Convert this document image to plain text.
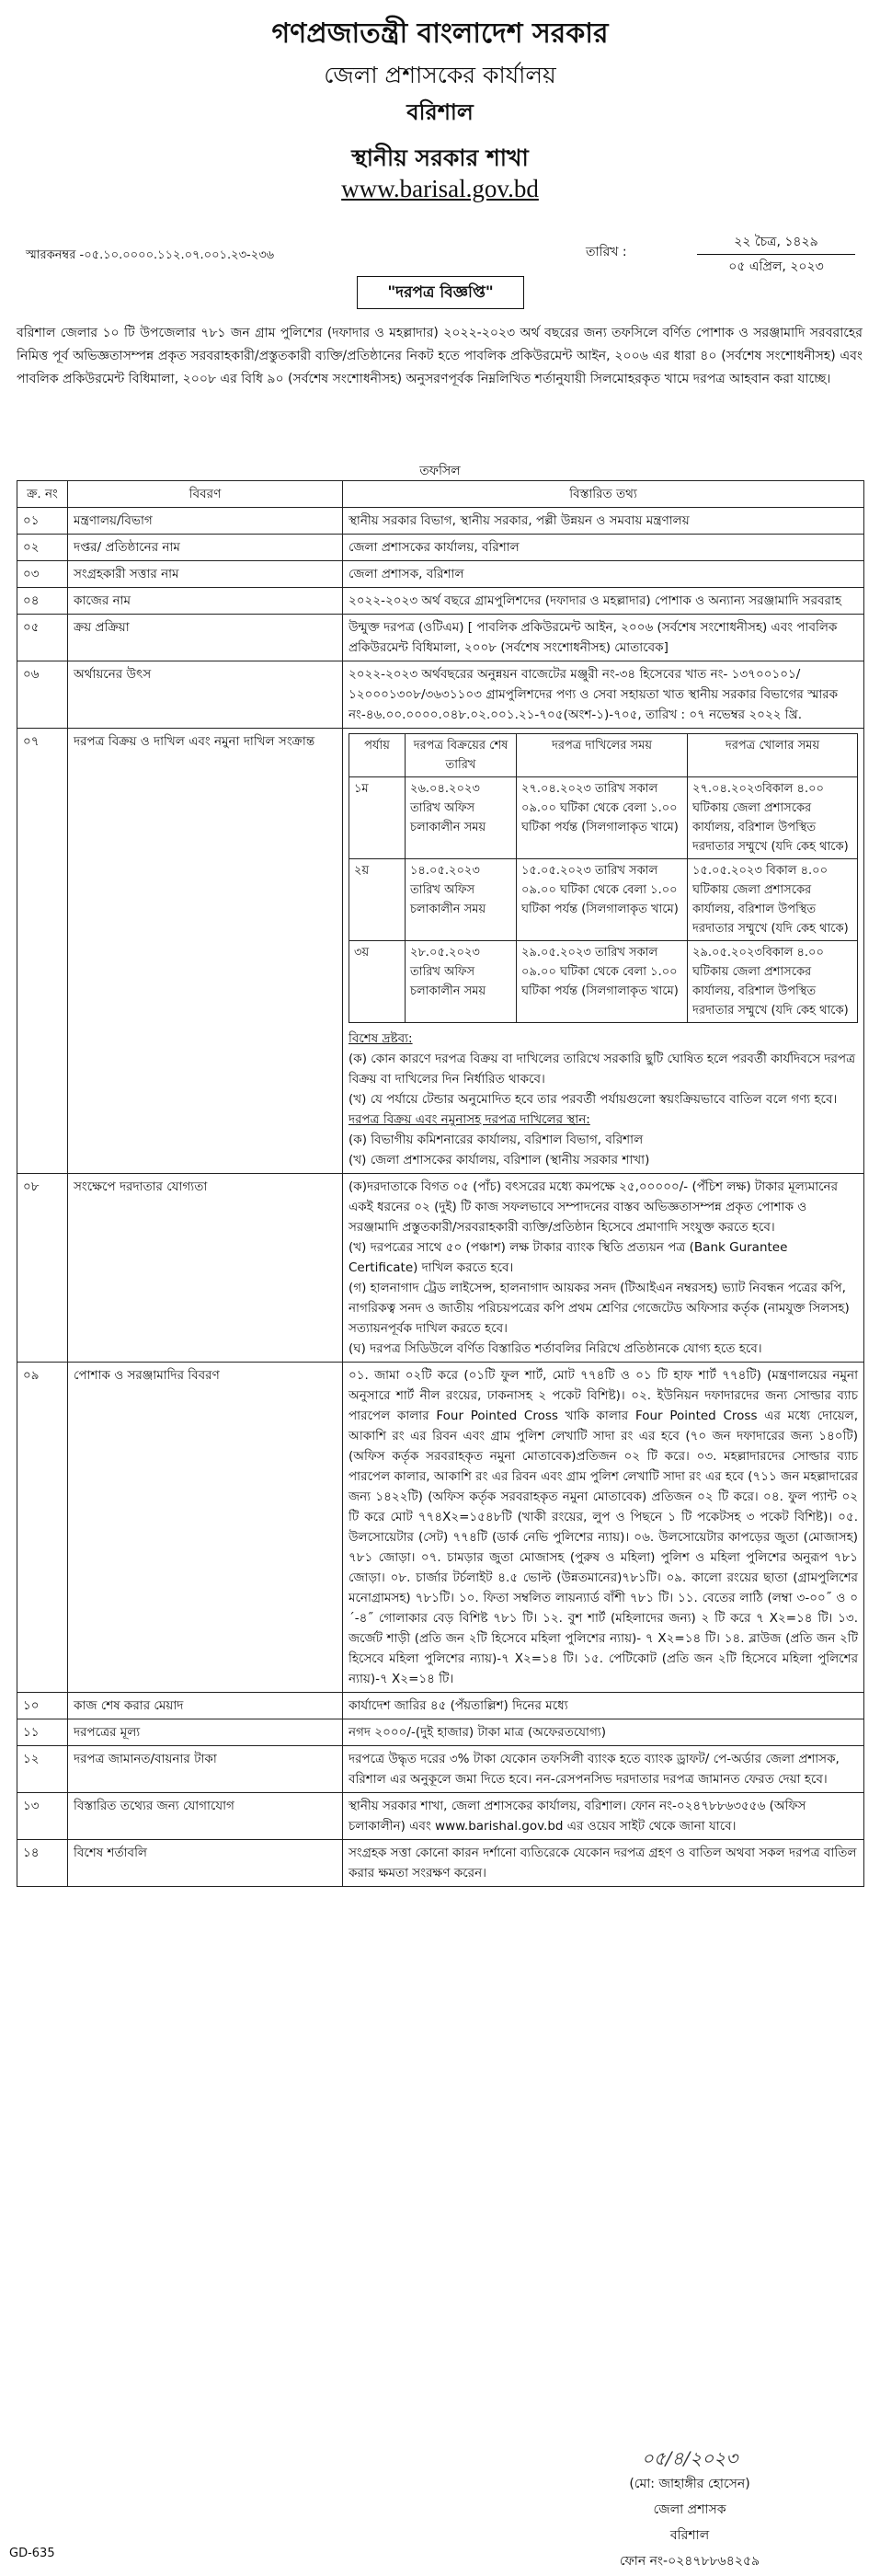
গণপ্রজাতন্ত্রী বাংলাদেশ সরকার
জেলা প্রশাসকের কার্যালয়
বরিশাল
স্থানীয় সরকার শাখা
www.barisal.gov.bd
স্মারকনম্বর -০৫.১০.০০০০.১১২.০৭.০০১.২৩-২৩৬	তারিখ :
২২ চৈত্র, ১৪২৯
০৫ এপ্রিল, ২০২৩
"দরপত্র বিজ্ঞপ্তি"
বরিশাল জেলার ১০ টি উপজেলার ৭৮১ জন গ্রাম পুলিশের (দফাদার ও মহল্লাদার) ২০২২-২০২৩ অর্থ বছরের জন্য তফসিলে বর্ণিত পোশাক ও সরঞ্জামাদি সরবরাহের নিমিত্ত পূর্ব অভিজ্ঞতাসম্পন্ন প্রকৃত সরবরাহকারী/প্রস্তুতকারী ব্যক্তি/প্রতিষ্ঠানের নিকট হতে পাবলিক প্রকিউরমেন্ট আইন, ২০০৬ এর ধারা ৪০ (সর্বশেষ সংশোধনীসহ) এবং পাবলিক প্রকিউরমেন্ট বিধিমালা, ২০০৮ এর বিধি ৯০ (সর্বশেষ সংশোধনীসহ) অনুসরণপূর্বক নিম্নলিখিত শর্তানুযায়ী সিলমোহরকৃত খামে দরপত্র আহবান করা যাচ্ছে।
তফসিল
ক্র. নং	বিবরণ	বিস্তারিত তথ্য
০১	মন্ত্রণালয়/বিভাগ	স্থানীয় সরকার বিভাগ, স্থানীয় সরকার, পল্লী উন্নয়ন ও সমবায় মন্ত্রণালয়
০২	দপ্তর/ প্রতিষ্ঠানের নাম	জেলা প্রশাসকের কার্যালয়, বরিশাল
০৩	সংগ্রহকারী সত্তার নাম	জেলা প্রশাসক, বরিশাল
০৪	কাজের নাম	২০২২-২০২৩ অর্থ বছরে গ্রামপুলিশদের (দফাদার ও মহল্লাদার) পোশাক ও অন্যান্য সরঞ্জামাদি সরবরাহ
০৫	ক্রয় প্রক্রিয়া	উন্মুক্ত দরপত্র (ওটিএম) [ পাবলিক প্রকিউরমেন্ট আইন, ২০০৬ (সর্বশেষ সংশোধনীসহ) এবং পাবলিক প্রকিউরমেন্ট বিধিমালা, ২০০৮ (সর্বশেষ সংশোধনীসহ) মোতাবেক]
০৬	অর্থায়নের উৎস	২০২২-২০২৩ অর্থবছরের অনুন্নয়ন বাজেটের মঞ্জুরী নং-৩৪ হিসেবের খাত নং- ১৩৭০০১০১/ ১২০০০১৩০৮/৩৬৩১১০৩ গ্রামপুলিশদের পণ্য ও সেবা সহায়তা খাত স্থানীয় সরকার বিভাগের স্মারক নং-৪৬.০০.০০০০.০৪৮.০২.০০১.২১-৭০৫(অংশ-১)-৭০৫, তারিখ : ০৭ নভেম্বর ২০২২ খ্রি.
০৭	দরপত্র বিক্রয় ও দাখিল এবং নমুনা দাখিল সংক্রান্ত		পর্যায়	দরপত্র বিক্রয়ের শেষ তারিখ	দরপত্র দাখিলের সময়	দরপত্র খোলার সময়
১ম	২৬.০৪.২০২৩ তারিখ অফিস চলাকালীন সময়	২৭.০৪.২০২৩ তারিখ সকাল ০৯.০০ ঘটিকা থেকে বেলা ১.০০ ঘটিকা পর্যন্ত (সিলগালাকৃত খামে)	২৭.০৪.২০২৩বিকাল ৪.০০ ঘটিকায় জেলা প্রশাসকের কার্যালয়, বরিশাল উপস্থিত দরদাতার সম্মুখে (যদি কেহ থাকে)
২য়	১৪.০৫.২০২৩ তারিখ অফিস চলাকালীন সময়	১৫.০৫.২০২৩ তারিখ সকাল ০৯.০০ ঘটিকা থেকে বেলা ১.০০ ঘটিকা পর্যন্ত (সিলগালাকৃত খামে)	১৫.০৫.২০২৩ বিকাল ৪.০০ ঘটিকায় জেলা প্রশাসকের কার্যালয়, বরিশাল উপস্থিত দরদাতার সম্মুখে (যদি কেহ থাকে)
৩য়	২৮.০৫.২০২৩ তারিখ অফিস চলাকালীন সময়	২৯.০৫.২০২৩ তারিখ সকাল ০৯.০০ ঘটিকা থেকে বেলা ১.০০ ঘটিকা পর্যন্ত (সিলগালাকৃত খামে)	২৯.০৫.২০২৩বিকাল ৪.০০ ঘটিকায় জেলা প্রশাসকের কার্যালয়, বরিশাল উপস্থিত দরদাতার সম্মুখে (যদি কেহ থাকে)
বিশেষ দ্রষ্টব্য:
(ক) কোন কারণে দরপত্র বিক্রয় বা দাখিলের তারিখে সরকারি ছুটি ঘোষিত হলে পরবর্তী কার্যদিবসে দরপত্র বিক্রয় বা দাখিলের দিন নির্ধারিত থাকবে।
(খ) যে পর্যায়ে টেন্ডার অনুমোদিত হবে তার পরবর্তী পর্যায়গুলো স্বয়ংক্রিয়ভাবে বাতিল বলে গণ্য হবে।
দরপত্র বিক্রয় এবং নমুনাসহ দরপত্র দাখিলের স্থান:
(ক) বিভাগীয় কমিশনারের কার্যালয়, বরিশাল বিভাগ, বরিশাল
(খ) জেলা প্রশাসকের কার্যালয়, বরিশাল (স্থানীয় সরকার শাখা)

০৮	সংক্ষেপে দরদাতার যোগ্যতা	(ক)দরদাতাকে বিগত ০৫ (পাঁচ) বৎসরের মধ্যে কমপক্ষে ২৫,০০০০০/- (পঁচিশ লক্ষ) টাকার মূল্যমানের একই ধরনের ০২ (দুই) টি কাজ সফলভাবে সম্পাদনের বাস্তব অভিজ্ঞতাসম্পন্ন প্রকৃত পোশাক ও সরঞ্জামাদি প্রস্তুতকারী/সরবরাহকারী ব্যক্তি/প্রতিষ্ঠান হিসেবে প্রমাণাদি সংযুক্ত করতে হবে।
(খ) দরপত্রের সাথে ৫০ (পঞ্চাশ) লক্ষ টাকার ব্যাংক স্থিতি প্রত্যয়ন পত্র (Bank Gurantee Certificate) দাখিল করতে হবে।
(গ) হালনাগাদ ট্রেড লাইসেন্স, হালনাগাদ আয়কর সনদ (টিআইএন নম্বরসহ) ভ্যাট নিবন্ধন পত্রের কপি, নাগরিকত্ব সনদ ও জাতীয় পরিচয়পত্রের কপি প্রথম শ্রেণির গেজেটেড অফিসার কর্তৃক (নামযুক্ত সিলসহ) সত্যায়নপূর্বক দাখিল করতে হবে।
(ঘ) দরপত্র সিডিউলে বর্ণিত বিস্তারিত শর্তাবলির নিরিখে প্রতিষ্ঠানকে যোগ্য হতে হবে।

০৯	পোশাক ও সরঞ্জামাদির বিবরণ	০১. জামা ০২টি করে (০১টি ফুল শার্ট, মোট ৭৭৪টি ও ০১ টি হাফ শার্ট ৭৭৪টি) (মন্ত্রণালয়ের নমুনা অনুসারে শার্ট নীল রংয়ের, ঢাকনাসহ ২ পকেট বিশিষ্ট)। ০২. ইউনিয়ন দফাদারদের জন্য সোল্ডার ব্যাচ পারপেল কালার Four Pointed Cross খাকি কালার Four Pointed Cross এর মধ্যে দোয়েল, আকাশি রং এর রিবন এবং গ্রাম পুলিশ লেখাটি সাদা রং এর হবে (৭০ জন দফাদারের জন্য ১৪০টি)(অফিস কর্তৃক সরবরাহকৃত নমুনা মোতাবেক)প্রতিজন ০২ টি করে। ০৩. মহল্লাদারদের সোল্ডার ব্যাচ পারপেল কালার, আকাশি রং এর রিবন এবং গ্রাম পুলিশ লেখাটি সাদা রং এর হবে (৭১১ জন মহল্লাদারের জন্য ১৪২২টি) (অফিস কর্তৃক সরবরাহকৃত নমুনা মোতাবেক) প্রতিজন ০২ টি করে। ০৪. ফুল প্যান্ট ০২ টি করে মোট ৭৭৪X২=১৫৪৮টি (খাকী রংয়ের, লুপ ও পিছনে ১ টি পকেটসহ ৩ পকেট বিশিষ্ট)। ০৫. উলসোয়েটার (সেট) ৭৭৪টি (ডার্ক নেভি পুলিশের ন্যায়)। ০৬. উলসোয়েটার কাপড়ের জুতা (মোজাসহ) ৭৮১ জোড়া। ০৭. চামড়ার জুতা মোজাসহ (পুরুষ ও মহিলা) পুলিশ ও মহিলা পুলিশের অনুরূপ ৭৮১ জোড়া। ০৮. চার্জার টর্চলাইট ৪.৫ ভোল্ট (উন্নতমানের)৭৮১টি। ০৯. কালো রংয়ের ছাতা (গ্রামপুলিশের মনোগ্রামসহ) ৭৮১টি। ১০. ফিতা সম্বলিত লায়ন্যার্ড বাঁশী ৭৮১ টি। ১১. বেতের লাঠি (লম্বা ৩-০০˝ ও ০´-৪˝ গোলাকার বেড় বিশিষ্ট ৭৮১ টি। ১২. বুশ শার্ট (মহিলাদের জন্য) ২ টি করে ৭ X২=১৪ টি। ১৩. জর্জেট শাড়ী (প্রতি জন ২টি হিসেবে মহিলা পুলিশের ন্যায়)- ৭ X২=১৪ টি। ১৪. ব্লাউজ (প্রতি জন ২টি হিসেবে মহিলা পুলিশের ন্যায়)-৭ X২=১৪ টি। ১৫. পেটিকোট (প্রতি জন ২টি হিসেবে মহিলা পুলিশের ন্যায়)-৭ X২=১৪ টি।
১০	কাজ শেষ করার মেয়াদ	কার্যাদেশ জারির ৪৫ (পঁয়তাল্লিশ) দিনের মধ্যে
১১	দরপত্রের মূল্য	নগদ ২০০০/-(দুই হাজার) টাকা মাত্র (অফেরতযোগ্য)
১২	দরপত্র জামানত/বায়নার টাকা	দরপত্রে উদ্ধৃত দরের ৩% টাকা যেকোন তফসিলী ব্যাংক হতে ব্যাংক ড্রাফট/ পে-অর্ডার জেলা প্রশাসক, বরিশাল এর অনুকূলে জমা দিতে হবে। নন-রেসপনসিভ দরদাতার দরপত্র জামানত ফেরত দেয়া হবে।
১৩	বিস্তারিত তথ্যের জন্য যোগাযোগ	স্থানীয় সরকার শাখা, জেলা প্রশাসকের কার্যালয়, বরিশাল। ফোন নং-০২৪৭৮৮৬৩৫৫৬ (অফিস চলাকালীন) এবং www.barishal.gov.bd এর ওয়েব সাইট থেকে জানা যাবে।
১৪	বিশেষ শর্তাবলি	সংগ্রহক সত্তা কোনো কারন দর্শানো ব্যতিরেকে যেকোন দরপত্র গ্রহণ ও বাতিল অথবা সকল দরপত্র বাতিল করার ক্ষমতা সংরক্ষণ করেন।
০৫/৪/২০২৩
(মো: জাহাঙ্গীর হোসেন)
জেলা প্রশাসক
বরিশাল
ফোন নং-০২৪৭৮৮৬৪২৫৯
GD-635
